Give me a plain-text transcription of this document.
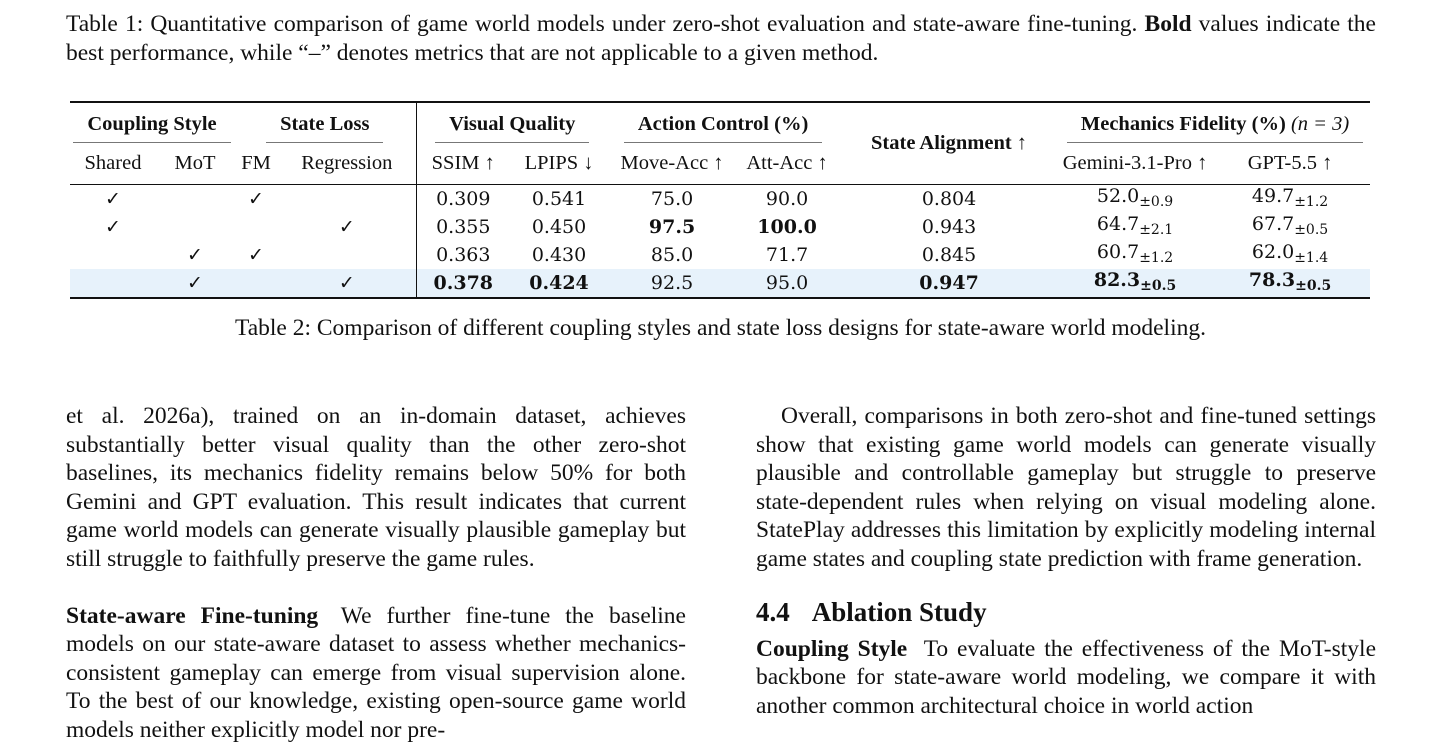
Table 1: Quantitative comparison of game world models under zero-shot evaluation and state-aware fine-tuning. Bold values indicate the best performance, while “–” denotes metrics that are not applicable to a given method.
Coupling Style		State Loss		Visual Quality		Action Control (%)		State Alignment ↑	Mechanics Fidelity (%) (n = 3)	
Shared	MoT	FM	Regression	SSIM ↑	LPIPS ↓	Move-Acc ↑	Att-Acc ↑		Gemini-3.1-Pro ↑	GPT-5.5 ↑
✓		✓		0.309	0.541	75.0	90.0	0.804	$52.0_{\pm 0.9}$	$49.7_{\pm 1.2}$
✓			✓	0.355	0.450	97.5	100.0	0.943	$64.7_{\pm 2.1}$	$67.7_{\pm 0.5}$
	✓	✓		0.363	0.430	85.0	71.7	0.845	$60.7_{\pm 1.2}$	$62.0_{\pm 1.4}$
	✓		✓	0.378	0.424	92.5	95.0	0.947	$82.3_{\pm 0.5}$	$78.3_{\pm 0.5}$
Table 2: Comparison of different coupling styles and state loss designs for state-aware world modeling.

et al. 2026a), trained on an in-domain dataset, achieves substantially better visual quality than the other zero-shot baselines, its mechanics fidelity remains below 50% for both Gemini and GPT evaluation. This result indicates that current game world models can generate visually plausible gameplay but still struggle to faithfully preserve the game rules.

State-aware Fine-tuning We further fine-tune the baseline models on our state-aware dataset to assess whether mechanics-consistent gameplay can emerge from visual supervision alone. To the best of our knowledge, existing open-source game world models neither explicitly model nor pre-

Overall, comparisons in both zero-shot and fine-tuned settings show that existing game world models can generate visually plausible and controllable gameplay but struggle to preserve state-dependent rules when relying on visual modeling alone. StatePlay addresses this limitation by explicitly modeling internal game states and coupling state prediction with frame generation.

4.4 Ablation Study

Coupling Style To evaluate the effectiveness of the MoT-style backbone for state-aware world modeling, we compare it with another common architectural choice in world action
